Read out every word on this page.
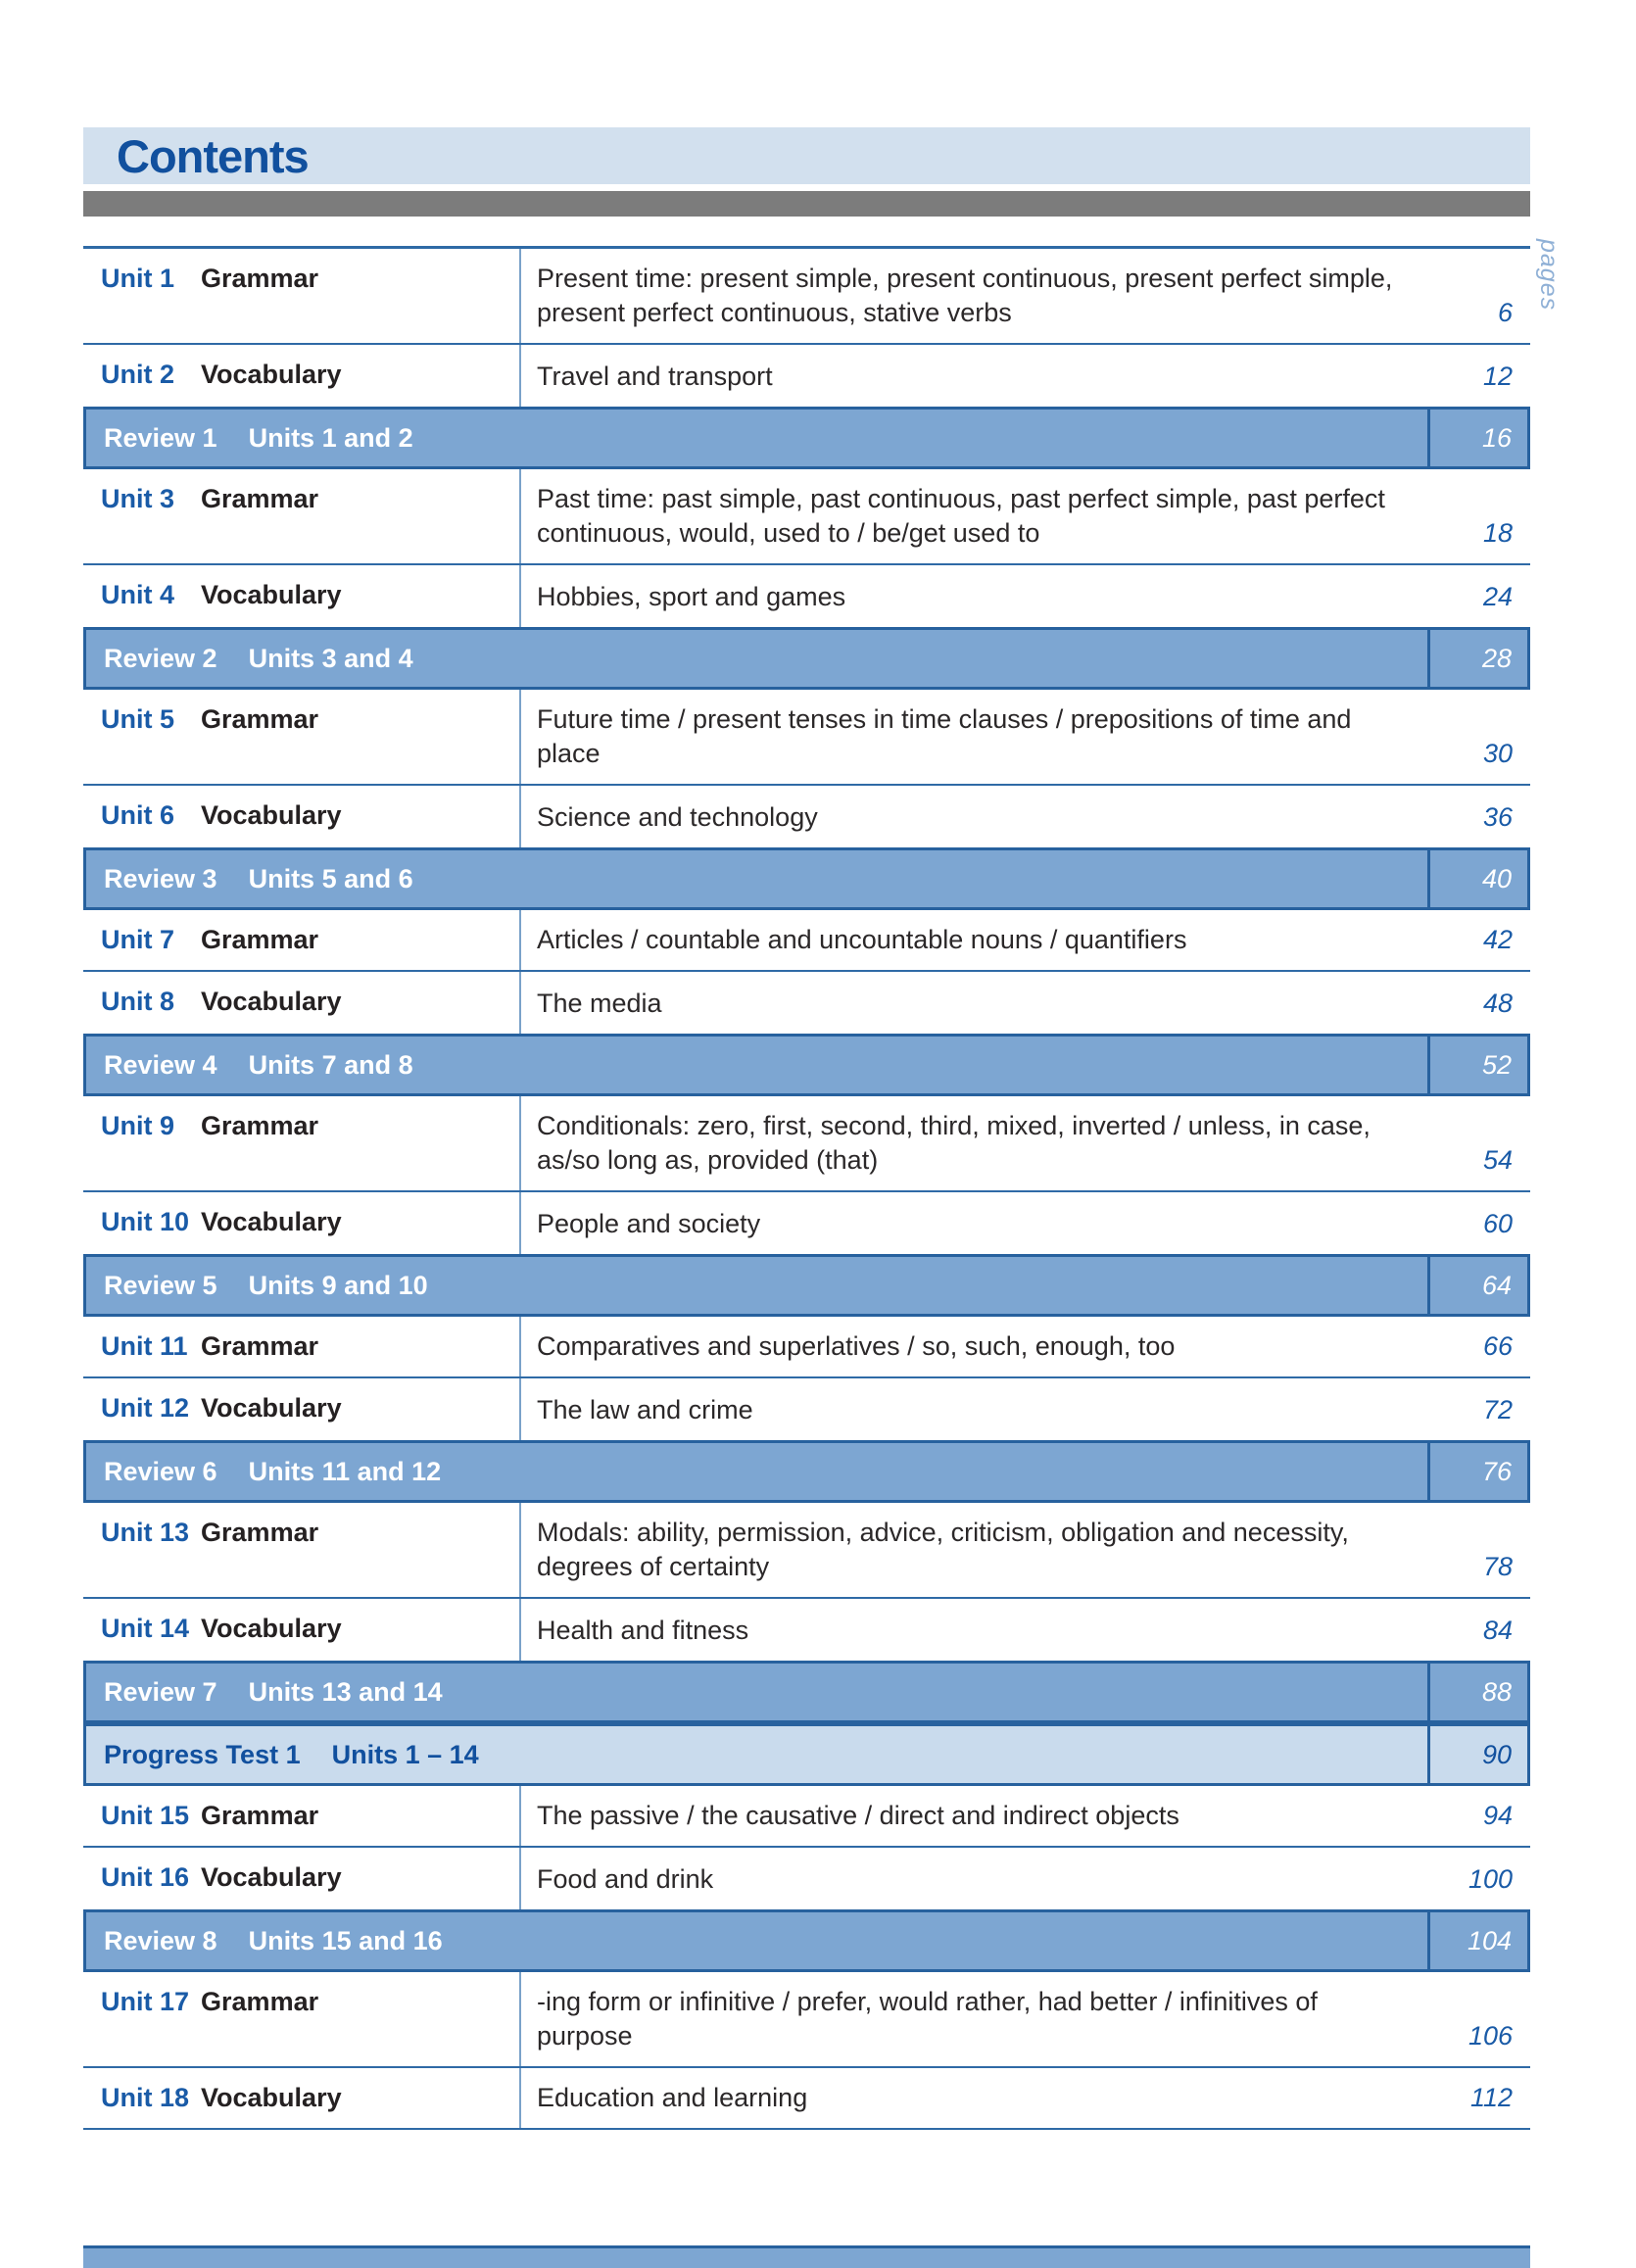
Contents
Unit 1 Grammar	Present time: present simple, present continuous, present perfect simple, present perfect continuous, stative verbs	6
Unit 2 Vocabulary	Travel and transport	12
Review 1 Units 1 and 2	16
Unit 3 Grammar	Past time: past simple, past continuous, past perfect simple, past perfect continuous, would, used to / be/get used to	18
Unit 4 Vocabulary	Hobbies, sport and games	24
Review 2 Units 3 and 4	28
Unit 5 Grammar	Future time / present tenses in time clauses / prepositions of time and place	30
Unit 6 Vocabulary	Science and technology	36
Review 3 Units 5 and 6	40
Unit 7 Grammar	Articles / countable and uncountable nouns / quantifiers	42
Unit 8 Vocabulary	The media	48
Review 4 Units 7 and 8	52
Unit 9 Grammar	Conditionals: zero, first, second, third, mixed, inverted / unless, in case, as/so long as, provided (that)	54
Unit 10 Vocabulary	People and society	60
Review 5 Units 9 and 10	64
Unit 11 Grammar	Comparatives and superlatives / so, such, enough, too	66
Unit 12 Vocabulary	The law and crime	72
Review 6 Units 11 and 12	76
Unit 13 Grammar	Modals: ability, permission, advice, criticism, obligation and necessity, degrees of certainty	78
Unit 14 Vocabulary	Health and fitness	84
Review 7 Units 13 and 14	88
Progress Test 1 Units 1 – 14	90
Unit 15 Grammar	The passive / the causative / direct and indirect objects	94
Unit 16 Vocabulary	Food and drink	100
Review 8 Units 15 and 16	104
Unit 17 Grammar	-ing form or infinitive / prefer, would rather, had better / infinitives of purpose	106
Unit 18 Vocabulary	Education and learning	112
pages
